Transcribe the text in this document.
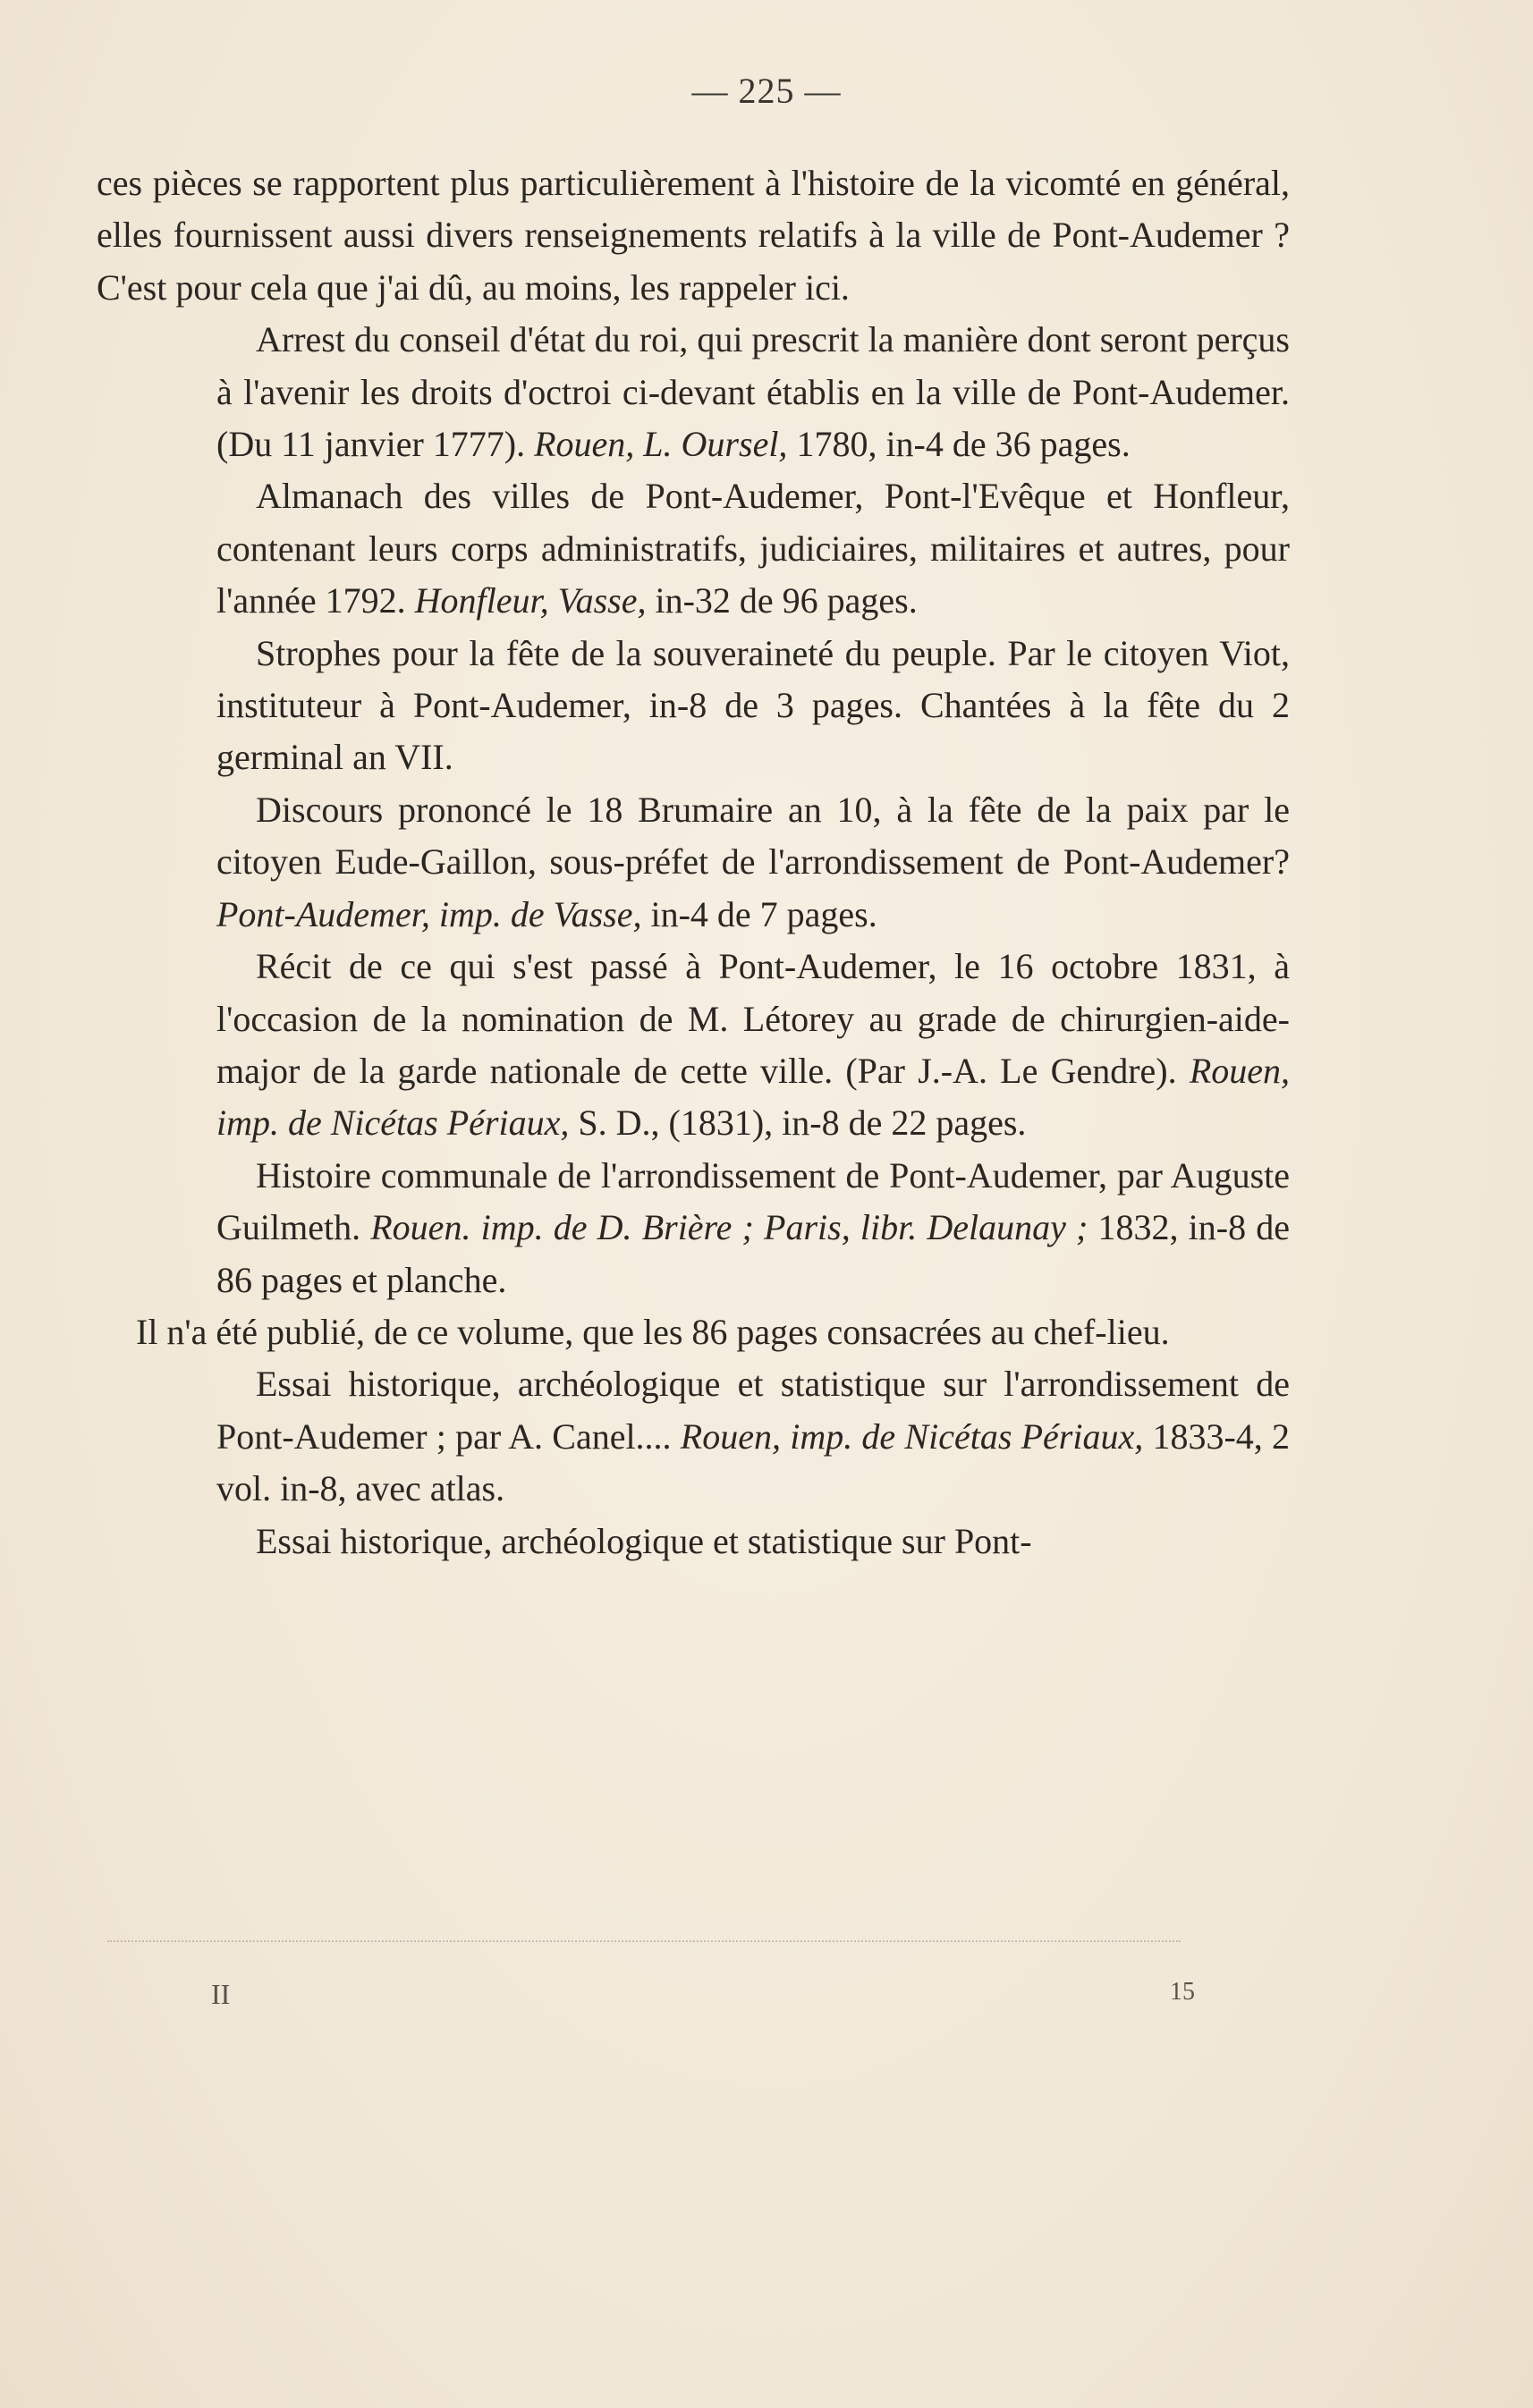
— 225 —

ces pièces se rapportent plus particulièrement à l'histoire de la vicomté en général, elles fournissent aussi divers renseignements relatifs à la ville de Pont-Audemer ? C'est pour cela que j'ai dû, au moins, les rappeler ici.

Arrest du conseil d'état du roi, qui prescrit la manière dont seront perçus à l'avenir les droits d'octroi ci-devant établis en la ville de Pont-Audemer. (Du 11 janvier 1777). Rouen, L. Oursel, 1780, in-4 de 36 pages.

Almanach des villes de Pont-Audemer, Pont-l'Evêque et Honfleur, contenant leurs corps administratifs, judiciaires, militaires et autres, pour l'année 1792. Honfleur, Vasse, in-32 de 96 pages.

Strophes pour la fête de la souveraineté du peuple. Par le citoyen Viot, instituteur à Pont-Audemer, in-8 de 3 pages. Chantées à la fête du 2 germinal an VII.

Discours prononcé le 18 Brumaire an 10, à la fête de la paix par le citoyen Eude-Gaillon, sous-préfet de l'arrondissement de Pont-Audemer? Pont-Audemer, imp. de Vasse, in-4 de 7 pages.

Récit de ce qui s'est passé à Pont-Audemer, le 16 octobre 1831, à l'occasion de la nomination de M. Létorey au grade de chirurgien-aide-major de la garde nationale de cette ville. (Par J.-A. Le Gendre). Rouen, imp. de Nicétas Périaux, S. D., (1831), in-8 de 22 pages.

Histoire communale de l'arrondissement de Pont-Audemer, par Auguste Guilmeth. Rouen. imp. de D. Brière ; Paris, libr. Delaunay ; 1832, in-8 de 86 pages et planche.

Il n'a été publié, de ce volume, que les 86 pages consacrées au chef-lieu.

Essai historique, archéologique et statistique sur l'arrondissement de Pont-Audemer ; par A. Canel.... Rouen, imp. de Nicétas Périaux, 1833-4, 2 vol. in-8, avec atlas.

Essai historique, archéologique et statistique sur Pont-

II	15
